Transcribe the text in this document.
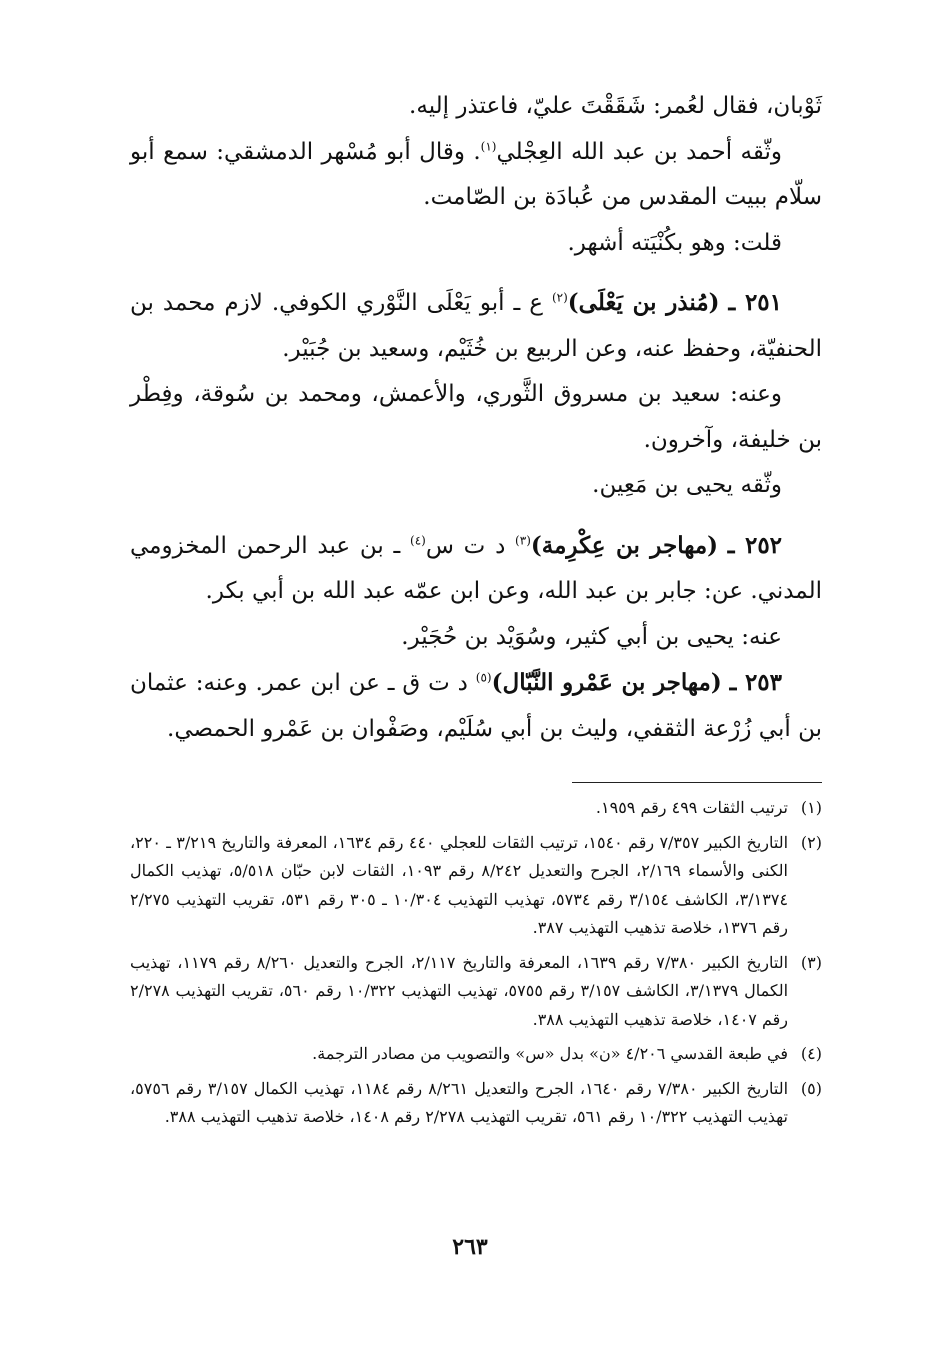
ثَوْبان، فقال لعُمر: شَقَقْتَ عليّ، فاعتذر إليه.

وثّقه أحمد بن عبد الله العِجْلي$^{(١)}$. وقال أبو مُسْهر الدمشقي: سمع أبو سلّام ببيت المقدس من عُبادَة بن الصّامت.

قلت: وهو بكُنْيَته أشهر.

٢٥١ ـ (مُنذر بن يَعْلَى)$^{(٢)}$ ع ـ أبو يَعْلَى النَّوْري الكوفي. لازم محمد بن الحنفيّة، وحفظ عنه، وعن الربيع بن خُثَيْم، وسعيد بن جُبَيْر.

وعنه: سعيد بن مسروق الثَّوري، والأعمش، ومحمد بن سُوقة، وفِطْر بن خليفة، وآخرون.

وثّقه يحيى بن مَعِين.

٢٥٢ ـ (مهاجر بن عِكْرِمة)$^{(٣)}$ د ت س$^{(٤)}$ ـ بن عبد الرحمن المخزومي المدني. عن: جابر بن عبد الله، وعن ابن عمّه عبد الله بن أبي بكر.

عنه: يحيى بن أبي كثير، وسُوَيْد بن حُجَيْر.

٢٥٣ ـ (مهاجر بن عَمْرو النَّبّال)$^{(٥)}$ د ت ق ـ عن ابن عمر. وعنه: عثمان بن أبي زُرْعة الثقفي، وليث بن أبي سُلَيْم، وصَفْوان بن عَمْرو الحمصي.

(١)
ترتيب الثقات ٤٩٩ رقم ١٩٥٩.
(٢)
التاريخ الكبير ٧/٣٥٧ رقم ١٥٤٠، ترتيب الثقات للعجلي ٤٤٠ رقم ١٦٣٤، المعرفة والتاريخ ٣/٢١٩ ـ ٢٢٠، الكنى والأسماء ٢/١٦٩، الجرح والتعديل ٨/٢٤٢ رقم ١٠٩٣، الثقات لابن حبّان ٥/٥١٨، تهذيب الكمال ٣/١٣٧٤، الكاشف ٣/١٥٤ رقم ٥٧٣٤، تهذيب التهذيب ١٠/٣٠٤ ـ ٣٠٥ رقم ٥٣١، تقريب التهذيب ٢/٢٧٥ رقم ١٣٧٦، خلاصة تذهيب التهذيب ٣٨٧.
(٣)
التاريخ الكبير ٧/٣٨٠ رقم ١٦٣٩، المعرفة والتاريخ ٢/١١٧، الجرح والتعديل ٨/٢٦٠ رقم ١١٧٩، تهذيب الكمال ٣/١٣٧٩، الكاشف ٣/١٥٧ رقم ٥٧٥٥، تهذيب التهذيب ١٠/٣٢٢ رقم ٥٦٠، تقريب التهذيب ٢/٢٧٨ رقم ١٤٠٧، خلاصة تذهيب التهذيب ٣٨٨.
(٤)
في طبعة القدسي ٤/٢٠٦ «ن» بدل «س» والتصويب من مصادر الترجمة.
(٥)
التاريخ الكبير ٧/٣٨٠ رقم ١٦٤٠، الجرح والتعديل ٨/٢٦١ رقم ١١٨٤، تهذيب الكمال ٣/١٥٧ رقم ٥٧٥٦، تهذيب التهذيب ١٠/٣٢٢ رقم ٥٦١، تقريب التهذيب ٢/٢٧٨ رقم ١٤٠٨، خلاصة تذهيب التهذيب ٣٨٨.
٢٦٣
